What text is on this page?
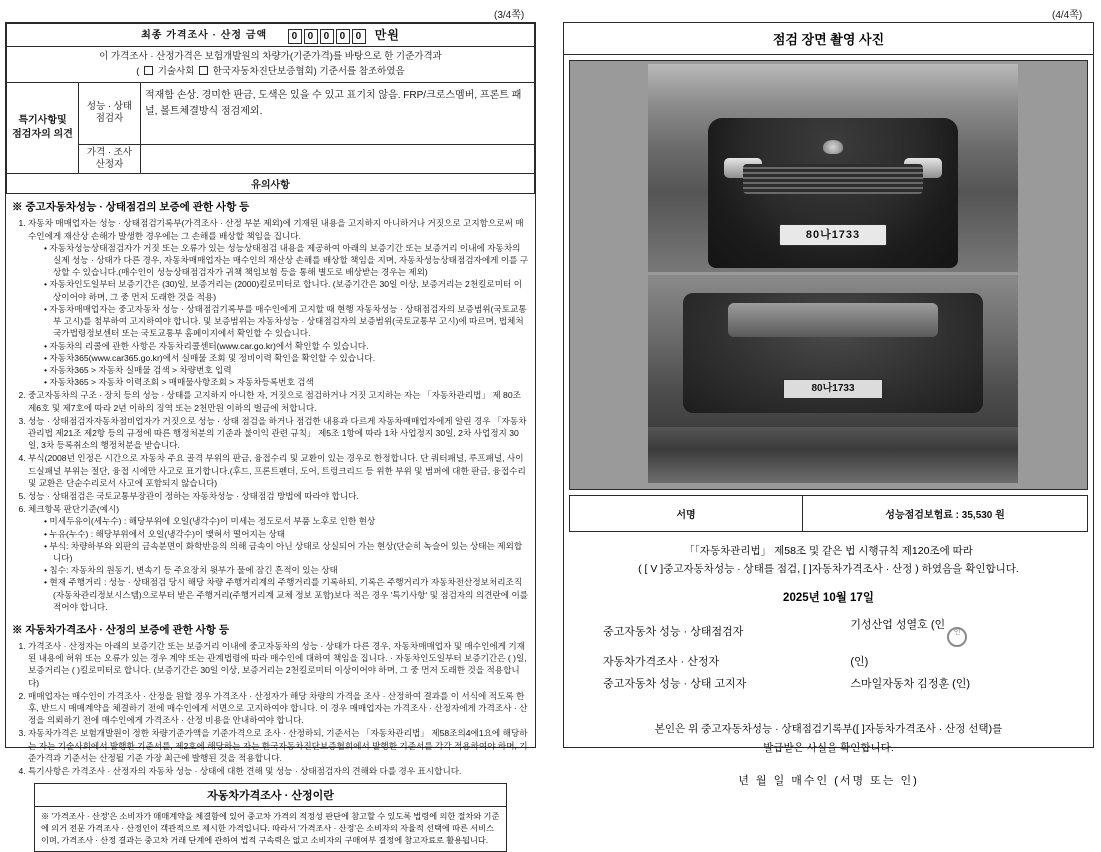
(3/4쪽)
최종 가격조사 · 산정 금액 0 0 0 0 0 만원		

이 가격조사 · 산정가격은 보험개발원의 차량가(기준가격)를 바탕으로 한 기준가격과
( 기술사회 한국자동차진단보증협회) 기준서를 참조하였음		

특기사항및
점검자의 의견	성능 · 상태점검자	적재함 손상. 경미한 판금, 도색은 있을 수 있고 표기치 않음. FRP/크로스멤버, 프론트 패널, 볼트체결방식 점검제외.
	가격 · 조사산정자	
유의사항		
※ 중고자동차성능 · 상태점검의 보증에 관한 사항 등
1. 자동차 매매업자는 성능 · 상태점검기록부(가격조사 · 산정 부분 제외)에 기재된 내용을 고지하지 아니하거나 거짓으로 고지함으로써 매수인에게 재산상 손해가 발생한 경우에는 그 손해를 배상할 책임을 집니다.
• 자동차성능상태점검자가 거짓 또는 오류가 있는 성능상태점검 내용을 제공하여 아래의 보증기간 또는 보증거리 이내에 자동차의 실제 성능 · 상태가 다른 경우, 자동차매매업자는 매수인의 재산상 손해를 배상할 책임을 지며, 자동차성능상태점검자에게 이를 구상할 수 있습니다.(매수인이 성능상태점검자가 귀책 책임보험 등을 통해 별도로 배상받는 경우는 제외)
• 자동차인도일부터 보증기간은 (30)일, 보증거리는 (2000)킬로미터로 합니다. (보증기간은 30일 이상, 보증거리는 2천킬로미터 이상이어야 하며, 그 중 먼저 도래한 것을 적용)
• 자동차매매업자는 중고자동차 성능 · 상태점검기록부를 매수인에게 고지할 때 현행 자동차성능 · 상태점검자의 보증범위(국토교통부 고시)를 첨부하여 고지하여야 합니다. 및 보증범위는 자동차성능 · 상태점검자의 보증범위(국토교통부 고시)에 따르며, 법체처 국가법령정보센터 또는 국토교통부 홈페이지에서 확인할 수 있습니다.
• 자동차의 리콜에 관한 사항은 자동차리콜센터(www.car.go.kr)에서 확인할 수 있습니다.
• 자동차365(www.car365.go.kr)에서 실매물 조회 및 정비이력 확인을 확인할 수 있습니다.
• 자동차365 > 자동차 실매물 검색 > 차량번호 입력
• 자동차365 > 자동차 이력조회 > 매매물사항조회 > 자동차등록번호 검색
2. 중고자동차의 구조 · 장치 등의 성능 · 상태를 고지하지 아니한 자, 거짓으로 점검하거나 거짓 고지하는 자는 「자동차관리법」 제 80조 제6호 및 제7호에 따라 2년 이하의 징역 또는 2천만원 이하의 벌금에 처합니다.
3. 성능 · 상태점검자자동차점비업자가 거짓으로 성능 · 상태 점검을 하거나 점검한 내용과 다르게 자동차매매업자에게 알린 경우 「자동차관리법 제21조 제2항 등의 규정에 따른 행정처분의 기준과 불이익 관련 규칙」 제5조 1항에 따라 1차 사업정지 30일, 2차 사업정지 30일, 3차 등록취소의 행정처분을 받습니다.
4. 부식(2008년 인정은 시간으로 자동차 주요 골격 부위의 판금, 융접수리 및 교환이 있는 경우로 한정합니다. 단 쿼터패널, 루프패널, 사이드실패널 부위는 절단, 융접 시에만 사고로 표기합니다.(후드, 프론트펜더, 도어, 트렁크리드 등 위한 부위 및 범퍼에 대한 판금, 융접수리 및 교환은 단순수리로서 사고에 포함되지 않습니다)
5. 성능 · 상태점검은 국토교통부장관이 정하는 자동차성능 · 상태점검 방법에 따라야 합니다.
6. 체크항목 판단기준(예시)
• 미세두유이(세누수) : 해당부위에 오일(냉각수)이 미세는 정도로서 부품 노후로 인한 현상
• 누유(누수) : 해당부위에서 오일(냉각수)이 맺혀서 떨어지는 상태
• 부식: 차량하부와 외판의 금속분면이 화학반응의 의해 금속이 아닌 상태로 상실되어 가는 현상(단순히 녹슬어 있는 상태는 제외합니다)
• 침수: 자동차의 원동기, 변속기 등 주요장치 윗부가 물에 잠긴 흔적이 있는 상태
• 현재 주행거리 : 성능 · 상태점검 당시 해당 차량 주행거리계의 주행거리를 기록하되, 기록은 주행거리가 자동차전산정보처리조직(자동차관리정보시스템)으로부터 받은 주행거리(주행거리계 교체 정보 포함)보다 적은 경우 '특기사항' 및 점검자의 의견란에 이를 적어야 합니다.
※ 자동차가격조사 · 산정의 보증에 관한 사항 등
1. 가격조사 · 산정자는 아래의 보증기간 또는 보증거리 이내에 중고자동차의 성능 · 상태가 다른 경우, 자동차매매업자 및 매수인에게 기재된 내용에 허위 또는 오류가 있는 경우 계약 또는 관계법령에 따라 매수인에 대하여 책임을 집니다. · 자동차인도일부터 보증기간은 ( )일, 보증거리는 ( )킬로미터로 합니다. (보증기간은 30일 이상, 보증거리는 2천킬로미터 이상이어야 하며, 그 중 먼저 도래한 것을 적용합니다)
2. 매매업자는 매수인이 가격조사 · 산정을 원할 경우 가격조사 · 산정자가 해당 차량의 가격을 조사 · 산정하여 결과를 이 서식에 적도록 한 후, 반드시 매매계약을 체결하기 전에 매수인에게 서면으로 고지하여야 합니다. 이 경우 매매업자는 가격조사 · 산정자에게 가격조사 · 산정을 의뢰하기 전에 매수인에게 가격조사 · 산정 비용을 안내하여야 합니다.
3. 자동차가격은 보험개발원이 정한 차량기준가액을 기준가격으로 조사 · 산정하되, 기준서는 「자동차관리법」 제58조의4에1요에 해당하는 자는 기술사회에서 발행한 기준서를, 제2호에 해당하는 자는 한국자동차진단보증협회에서 발행한 기준서를 각각 적용하여야 하며, 기준가격과 기준서는 산정될 기준 가장 최근에 발행된 것을 적용합니다.
4. 특기사항은 가격조사 · 산정자의 자동차 성능 · 상태에 대한 견해 및 성능 · 상태점검자의 견해와 다를 경우 표시합니다.
자동차가격조사 · 산정이란
※ '가격조사 · 산정'은 소비자가 매매계약을 체결함에 있어 중고차 가격의 적정성 판단에 참고할 수 있도록 법령에 의한 절차와 기준에 의거 전문 가격조사 · 산정인이 객관적으로 제시한 가격입니다. 따라서 '가격조사 · 산정'은 소비자의 자율적 선택에 따른 서비스이며, 가격조사 · 산정 결과는 중고차 거래 단계에 관하여 법적 구속력은 없고 소비자의 구매여부 결정에 참고자료로 활용됩니다.
(4/4쪽)
점검 장면 촬영 사진
80나1733
80나1733
서명	성능점검보험료 : 35,530 원
「「자동차관리법」 제58조 및 같은 법 시행규칙 제120조에 따라
( [ V ]중고자동차성능 · 상태를 점검, [ ]자동차가격조사 · 산정 ) 하였음을 확인합니다.
2025년 10월 17일
중고자동차 성능 · 상태점검자	기성산업 성열호 (인인
자동차가격조사 · 산정자	(인)
중고자동차 성능 · 상태 고지자	스마일자동차 김정훈 (인)
본인은 위 중고자동차성능 · 상태점검기록부([ ]자동차가격조사 · 산정 선택)를
발급받은 사실을 확인합니다.
년 월 일 매수인 (서명 또는 인)
